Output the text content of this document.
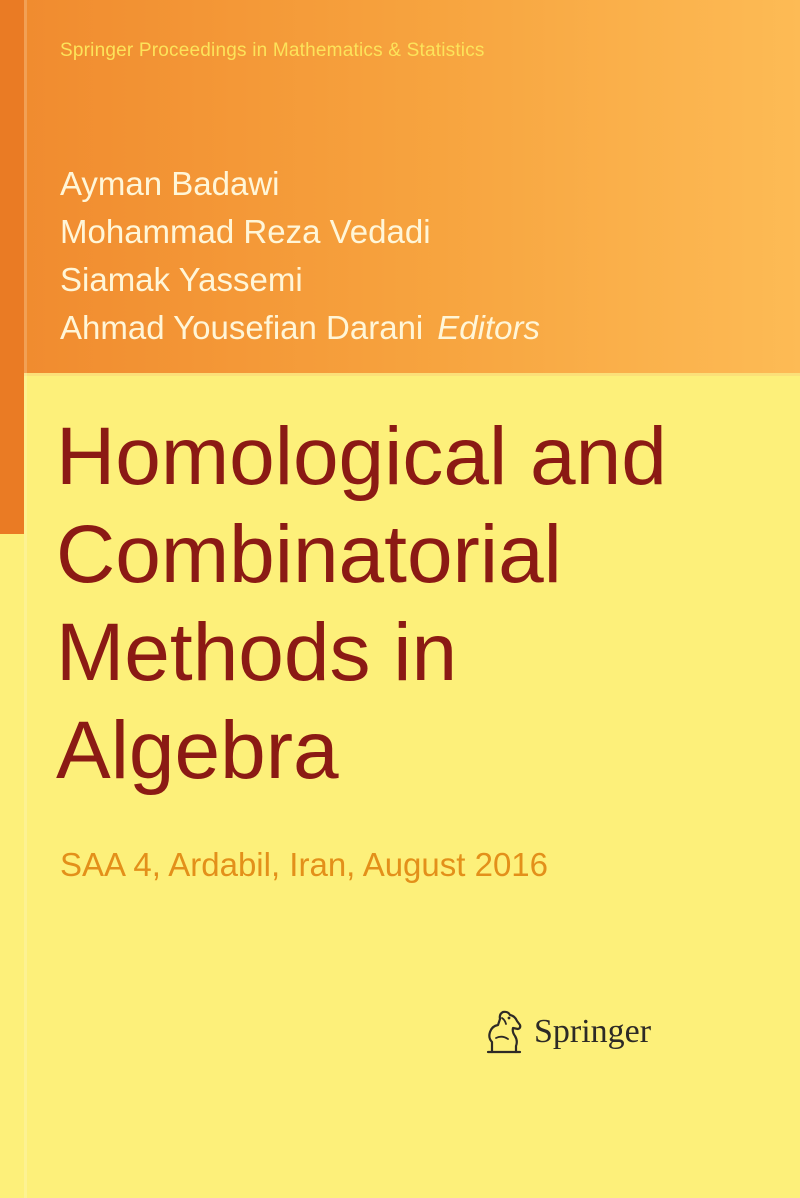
Springer Proceedings in Mathematics & Statistics
Ayman Badawi
Mohammad Reza Vedadi
Siamak Yassemi
Ahmad Yousefian Darani Editors
Homological and
Combinatorial
Methods in
Algebra
SAA 4, Ardabil, Iran, August 2016
Springer
